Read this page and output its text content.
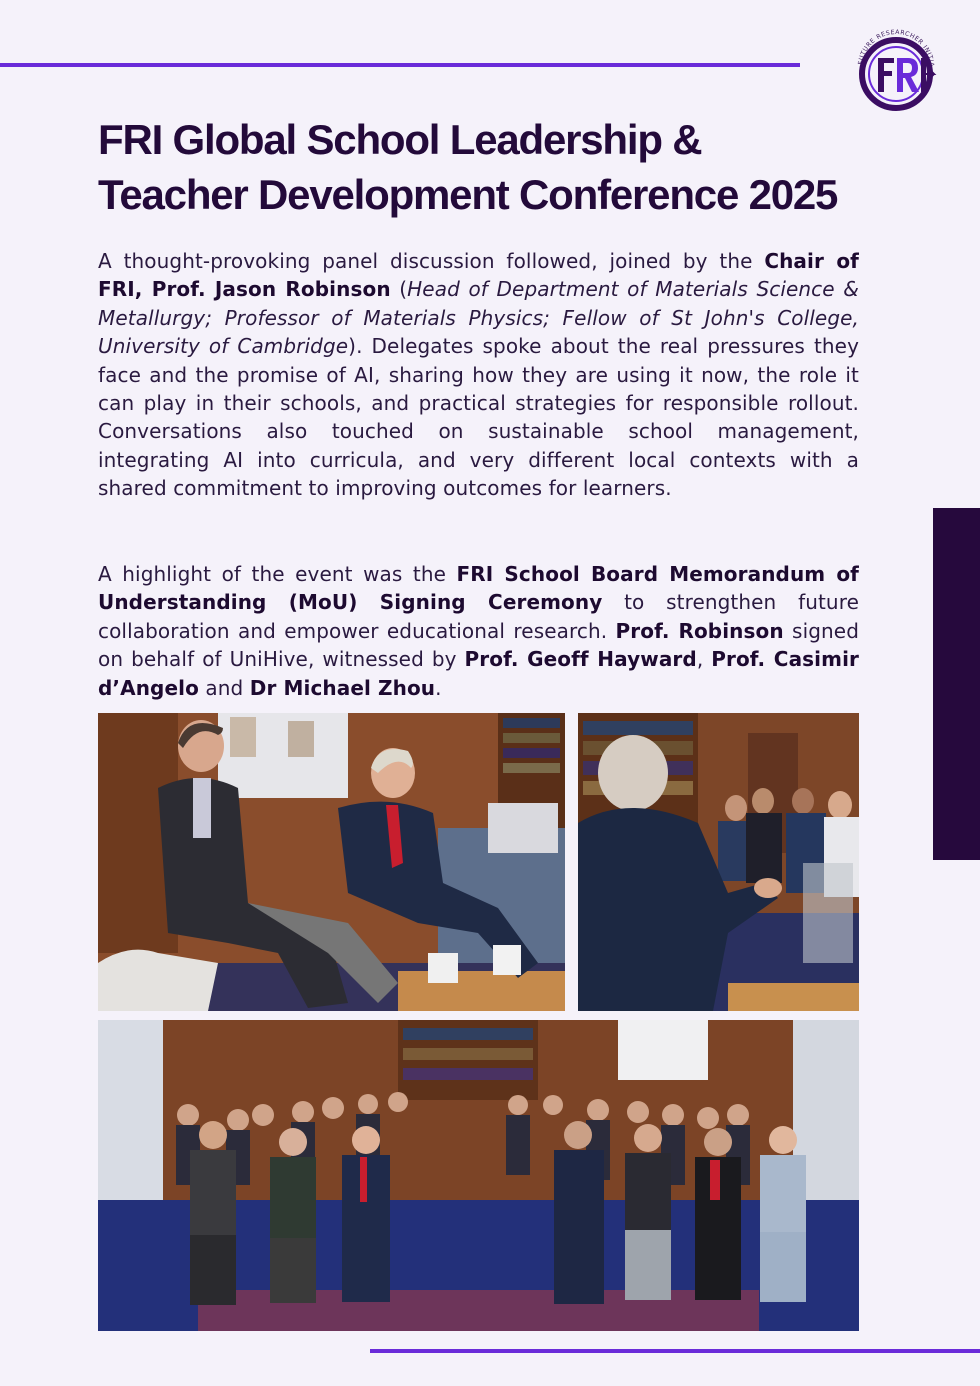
FUTURE RESEARCHER INITIA
FRI Global School Leadership & Teacher Development Conference 2025

A thought-provoking panel discussion followed, joined by the Chair of FRI, Prof. Jason Robinson (Head of Department of Materials Science & Metallurgy; Professor of Materials Physics; Fellow of St John's College, University of Cambridge). Delegates spoke about the real pressures they face and the promise of AI, sharing how they are using it now, the role it can play in their schools, and practical strategies for responsible rollout. Conversations also touched on sustainable school management, integrating AI into curricula, and very different local contexts with a shared commitment to improving outcomes for learners.

A highlight of the event was the FRI School Board Memorandum of Understanding (MoU) Signing Ceremony to strengthen future collaboration and empower educational research. Prof. Robinson signed on behalf of UniHive, witnessed by Prof. Geoff Hayward, Prof. Casimir d’Angelo and Dr Michael Zhou.
